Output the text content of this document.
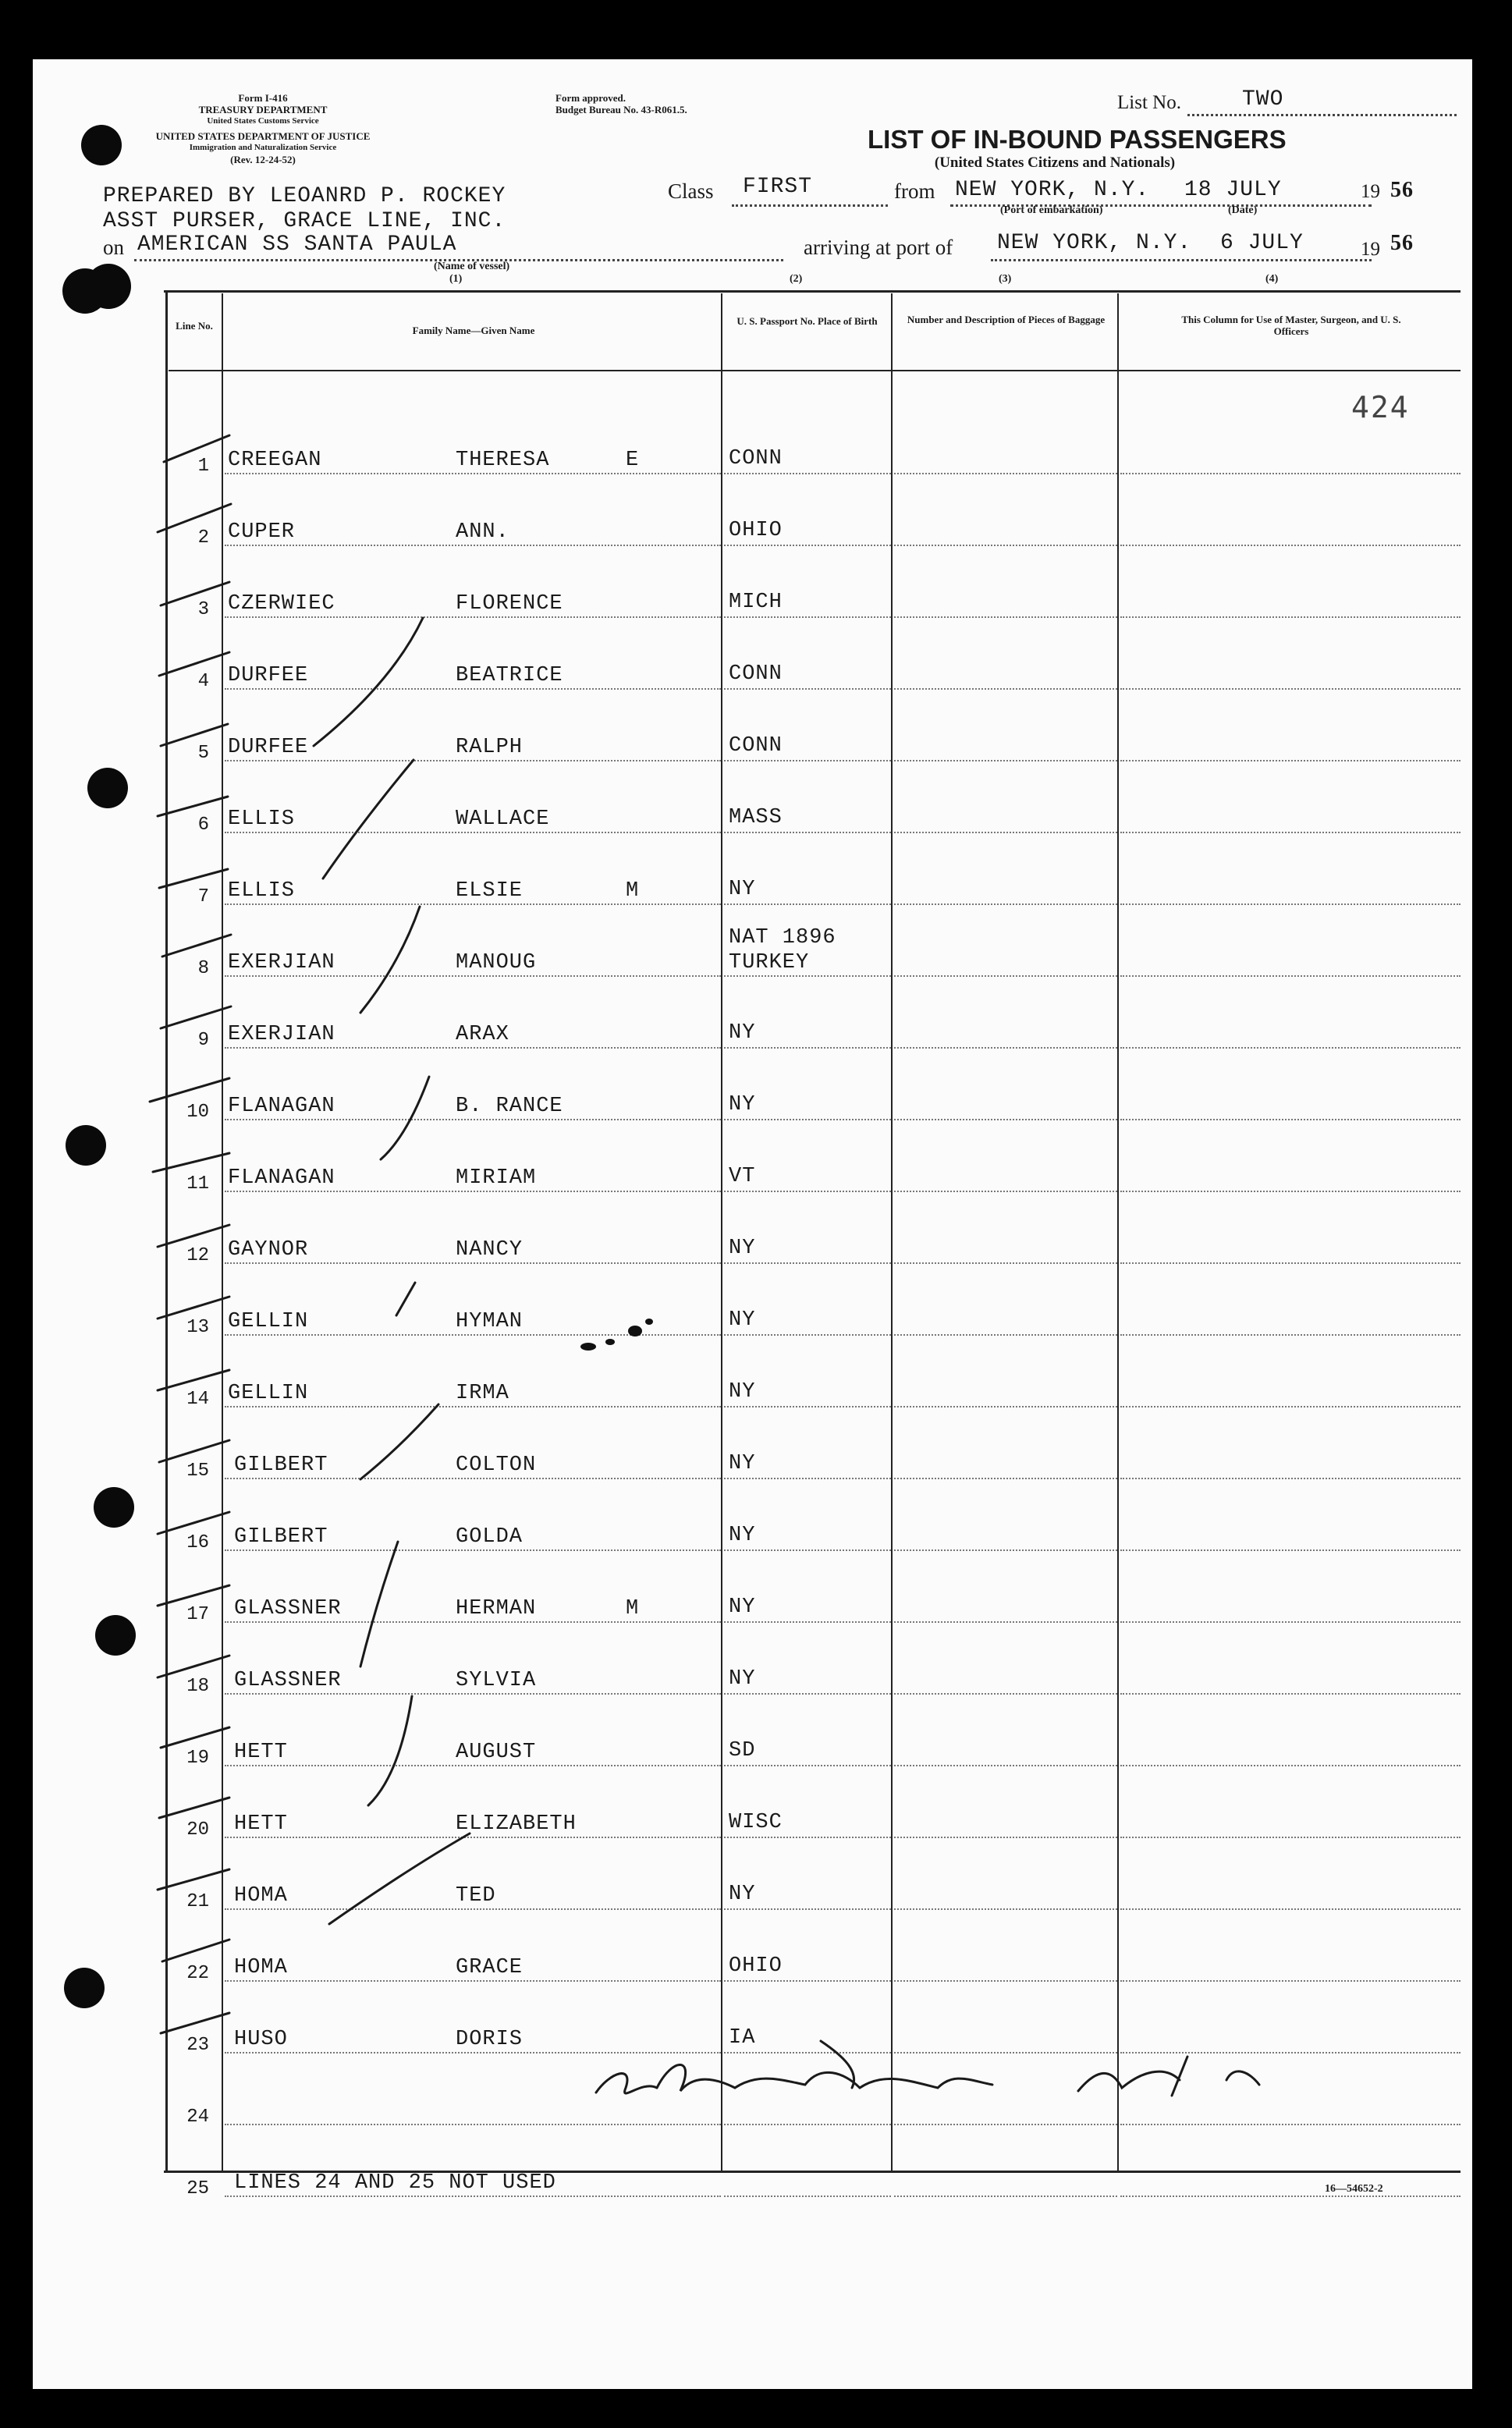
Form I-416
TREASURY DEPARTMENT
United States Customs Service
UNITED STATES DEPARTMENT OF JUSTICE
Immigration and Naturalization Service
(Rev. 12-24-52)
Form approved.
Budget Bureau No. 43-R061.5.
LIST OF IN-BOUND PASSENGERS
(United States Citizens and Nationals)
List No.	TWO
PREPARED BY LEOANRD P. ROCKEY
ASST PURSER, GRACE LINE, INC.
Class FIRST	from NEW YORK, N.Y. 18 JULY
(Port of embarkation)	(Date)
19 56
on AMERICAN SS SANTA PAULA
(Name of vessel)
(1)
arriving at port of NEW YORK, N.Y. 6 JULY	19 56
(2)	(3)	(4)
Line No.	Family Name—Given Name
U. S. Passport No. Place of Birth	Number and Description of Pieces of Baggage	This Column for Use of Master, Surgeon, and U. S. Officers
424
1 CREEGAN	THERESA	E	CONN
2 CUPER	ANN.	OHIO
3 CZERWIEC	FLORENCE	MICH
4 DURFEE	BEATRICE	CONN
5 DURFEE	RALPH	CONN
6 ELLIS	WALLACE	MASS
7 ELLIS	ELSIE	M	NY
8 EXERJIAN	MANOUG
NAT 1896
TURKEY
9 EXERJIAN	ARAX	NY
10 FLANAGAN	B. RANCE	NY
11 FLANAGAN	MIRIAM	VT
12 GAYNOR	NANCY	NY
13 GELLIN	HYMAN	NY
14 GELLIN	IRMA	NY
15 GILBERT	COLTON	NY
16 GILBERT	GOLDA	NY
17 GLASSNER	HERMAN	M	NY
18 GLASSNER	SYLVIA	NY
19 HETT	AUGUST	SD
20 HETT	ELIZABETH	WISC
21 HOMA	TED	NY
22 HOMA	GRACE	OHIO
23 HUSO	DORIS	IA
24
25 LINES 24 AND 25 NOT USED	16—54652-2
